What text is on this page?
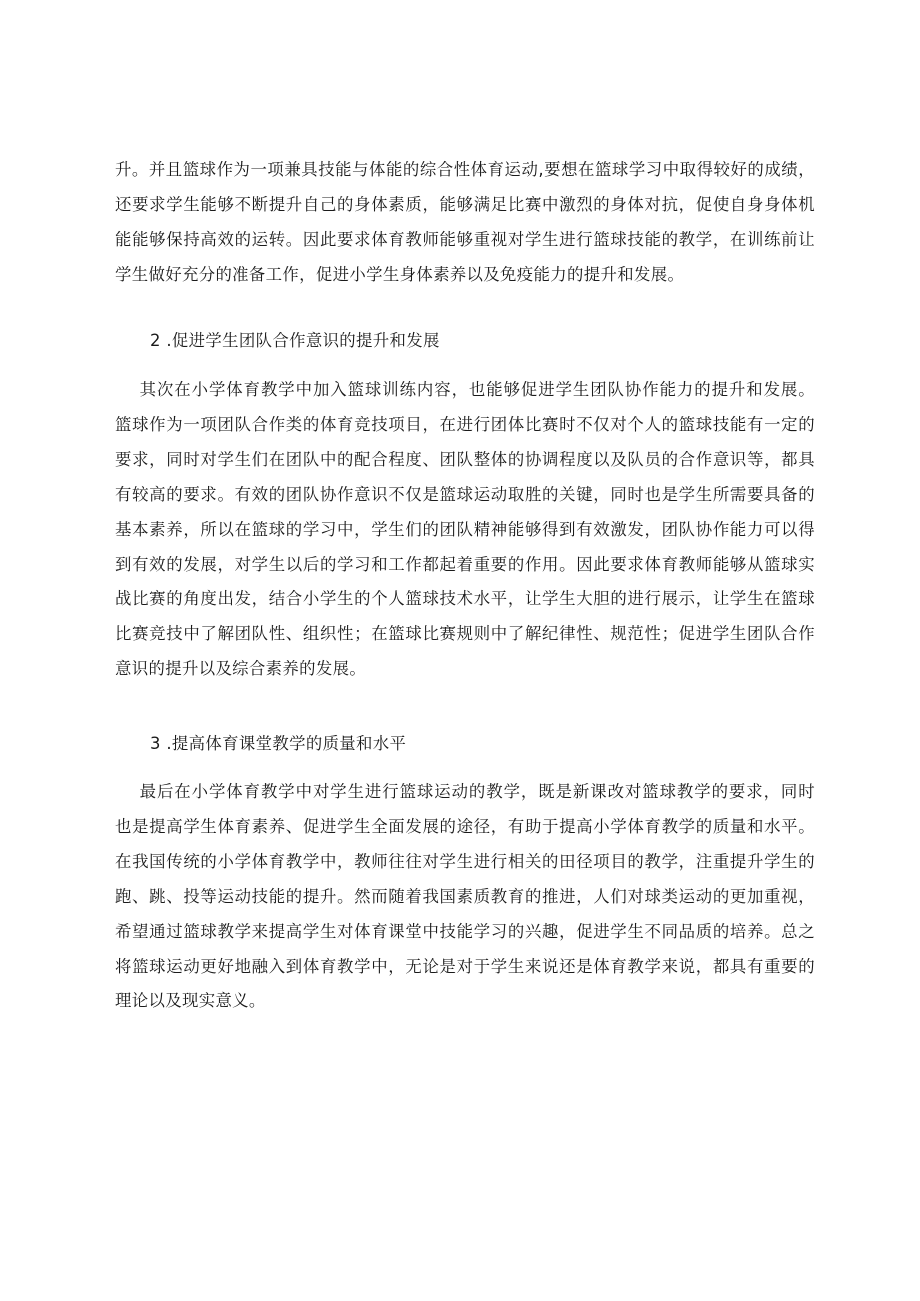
升。并且篮球作为一项兼具技能与体能的综合性体育运动,要想在篮球学习中取得较好的成绩，
还要求学生能够不断提升自己的身体素质，能够满足比赛中激烈的身体对抗，促使自身身体机
能能够保持高效的运转。因此要求体育教师能够重视对学生进行篮球技能的教学，在训练前让
学生做好充分的准备工作，促进小学生身体素养以及免疫能力的提升和发展。

2 .促进学生团队合作意识的提升和发展

其次在小学体育教学中加入篮球训练内容，也能够促进学生团队协作能力的提升和发展。
篮球作为一项团队合作类的体育竞技项目，在进行团体比赛时不仅对个人的篮球技能有一定的
要求，同时对学生们在团队中的配合程度、团队整体的协调程度以及队员的合作意识等，都具
有较高的要求。有效的团队协作意识不仅是篮球运动取胜的关键，同时也是学生所需要具备的
基本素养，所以在篮球的学习中，学生们的团队精神能够得到有效激发，团队协作能力可以得
到有效的发展，对学生以后的学习和工作都起着重要的作用。因此要求体育教师能够从篮球实
战比赛的角度出发，结合小学生的个人篮球技术水平，让学生大胆的进行展示，让学生在篮球
比赛竞技中了解团队性、组织性；在篮球比赛规则中了解纪律性、规范性；促进学生团队合作
意识的提升以及综合素养的发展。

3 .提高体育课堂教学的质量和水平

最后在小学体育教学中对学生进行篮球运动的教学，既是新课改对篮球教学的要求，同时
也是提高学生体育素养、促进学生全面发展的途径，有助于提高小学体育教学的质量和水平。
在我国传统的小学体育教学中，教师往往对学生进行相关的田径项目的教学，注重提升学生的
跑、跳、投等运动技能的提升。然而随着我国素质教育的推进，人们对球类运动的更加重视，
希望通过篮球教学来提高学生对体育课堂中技能学习的兴趣，促进学生不同品质的培养。总之
将篮球运动更好地融入到体育教学中，无论是对于学生来说还是体育教学来说，都具有重要的
理论以及现实意义。
